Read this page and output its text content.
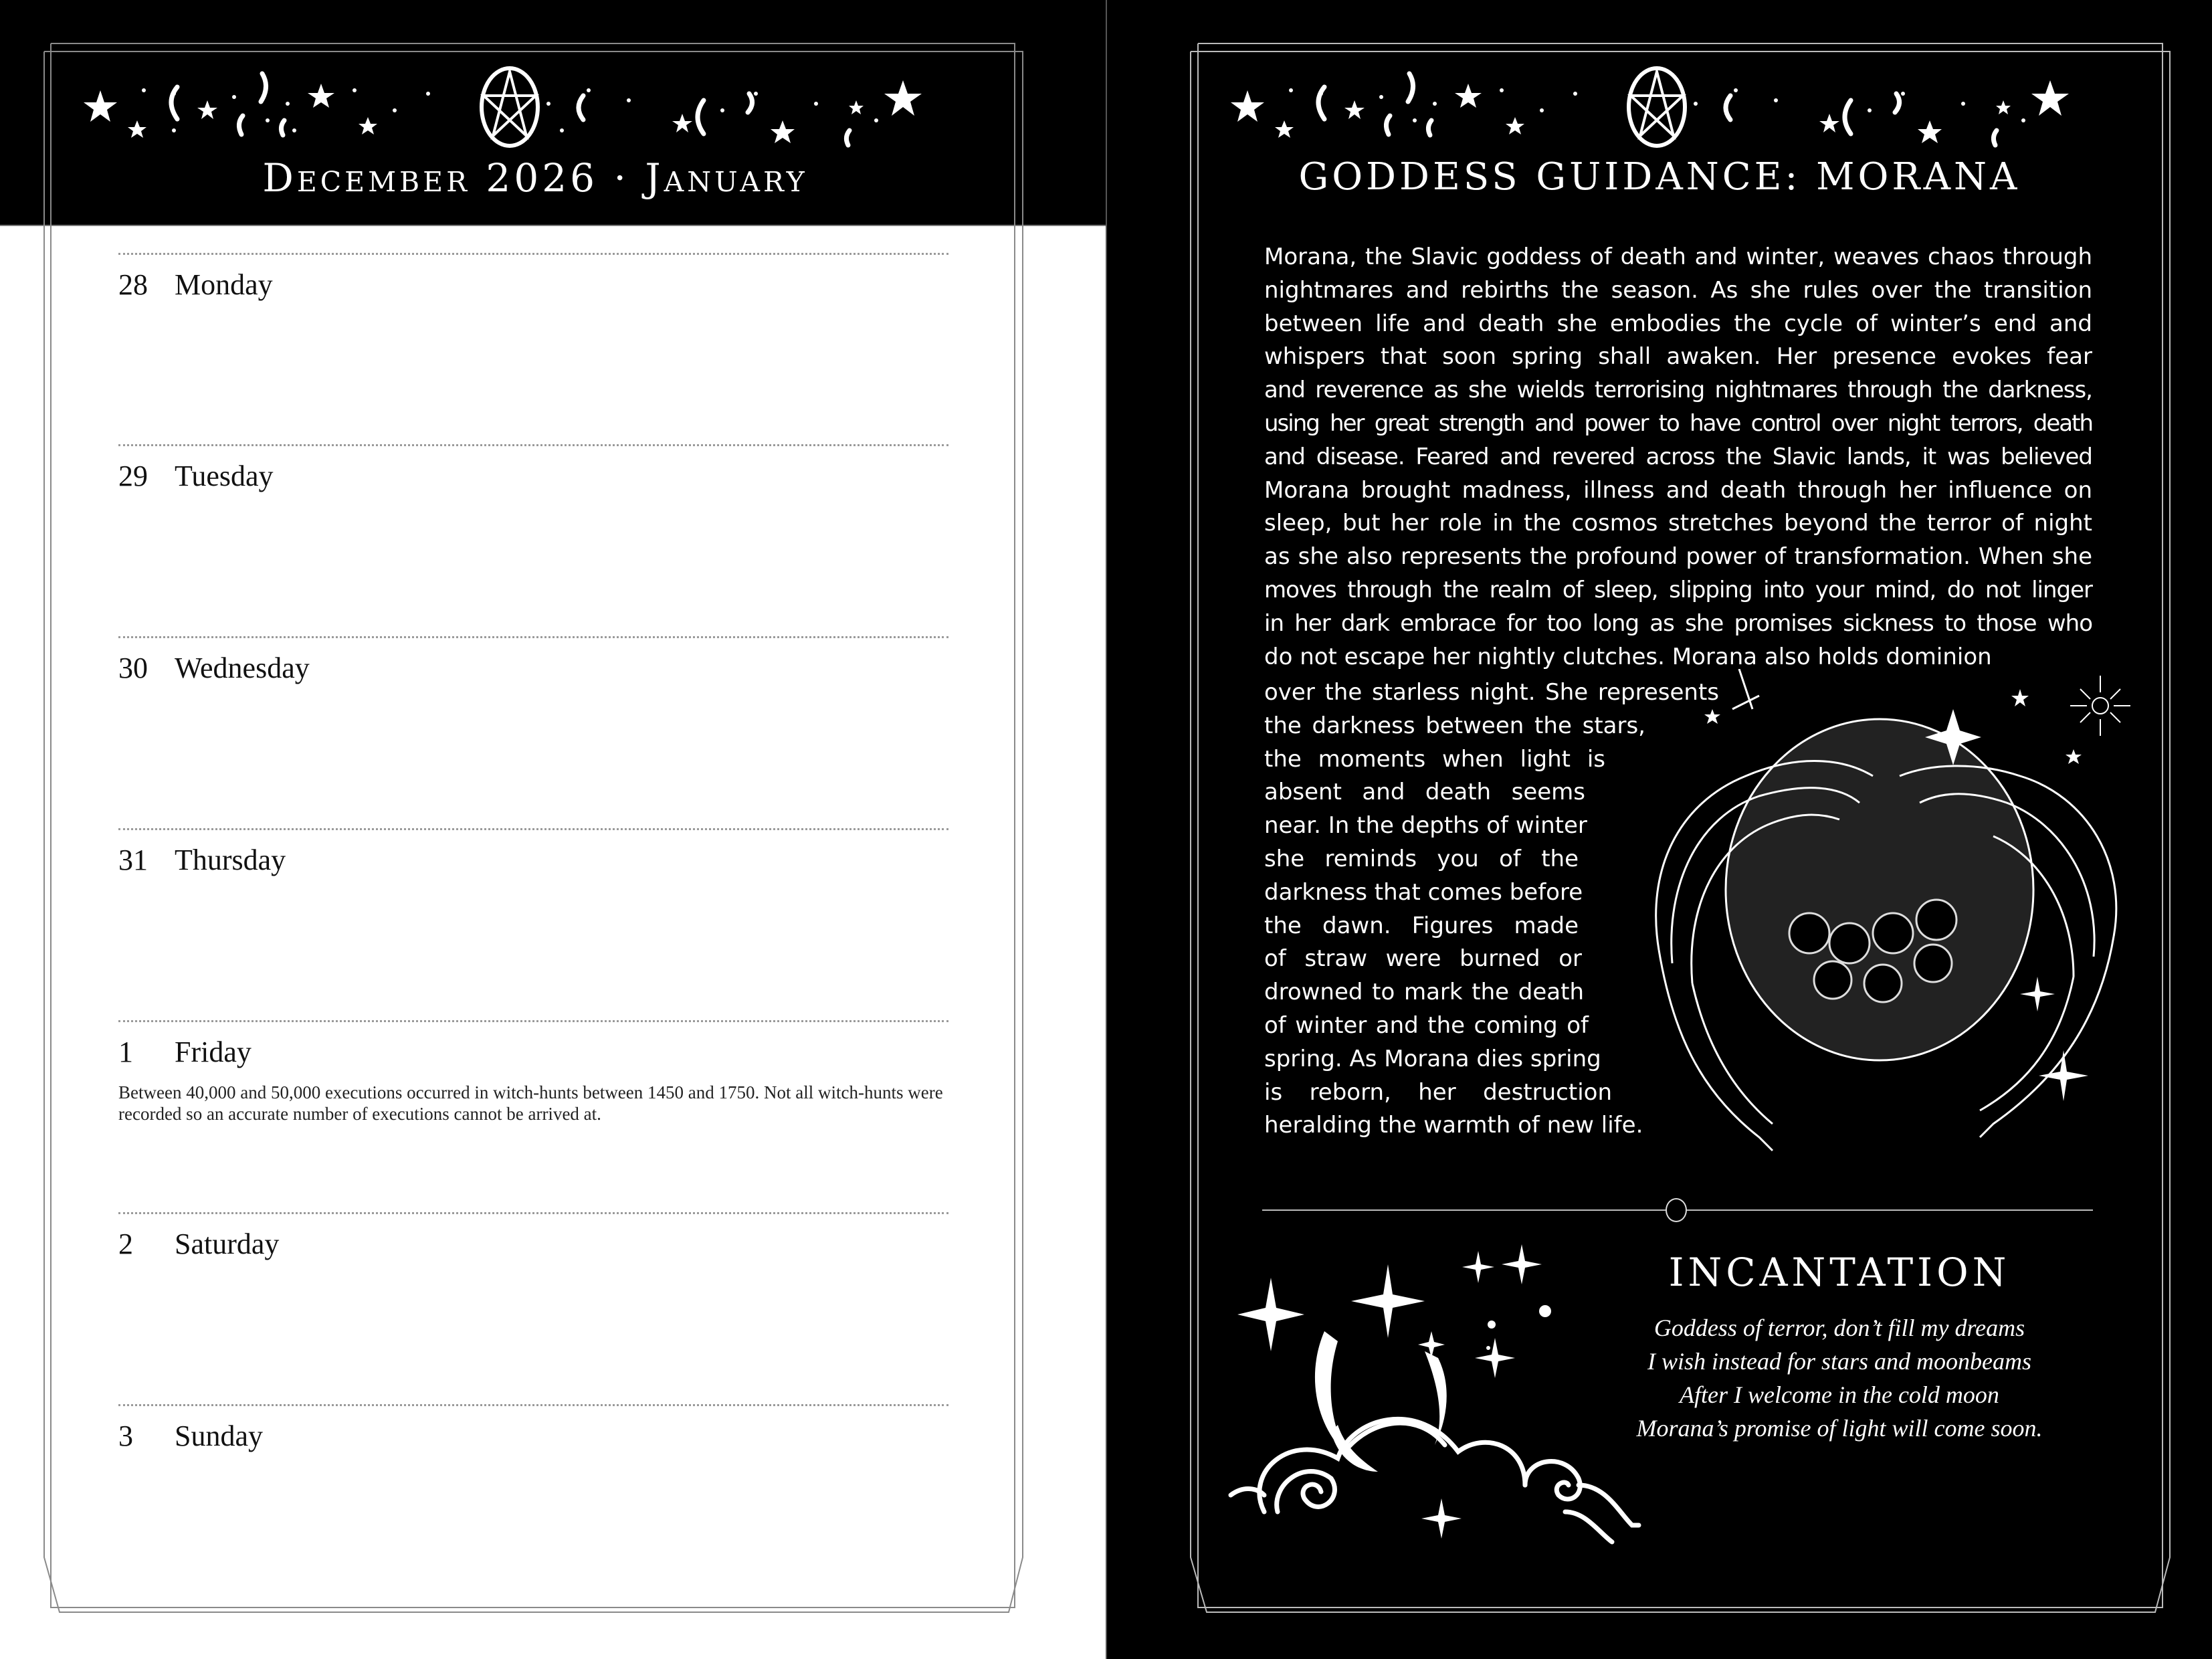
December 2026 · January
28 Monday
29 Tuesday
30 Wednesday
31 Thursday
1 Friday
Between 40,000 and 50,000 executions occurred in witch-hunts between 1450 and 1750. Not all witch-hunts were recorded so an accurate number of executions cannot be arrived at.
2 Saturday
3 Sunday
GODDESS GUIDANCE: MORANA
Morana, the Slavic goddess of death and winter, weaves chaos through
nightmares and rebirths the season. As she rules over the transition
between life and death she embodies the cycle of winter’s end and
whispers that soon spring shall awaken. Her presence evokes fear
and reverence as she wields terrorising nightmares through the darkness,
using her great strength and power to have control over night terrors, death
and disease. Feared and revered across the Slavic lands, it was believed
Morana brought madness, illness and death through her influence on
sleep, but her role in the cosmos stretches beyond the terror of night
as she also represents the profound power of transformation. When she
moves through the realm of sleep, slipping into your mind, do not linger
in her dark embrace for too long as she promises sickness to those who
do not escape her nightly clutches. Morana also holds dominion
over the starless night. She represents
the darkness between the stars,
the moments when light is
absent and death seems
near. In the depths of winter
she reminds you of the
darkness that comes before
the dawn. Figures made
of straw were burned or
drowned to mark the death
of winter and the coming of
spring. As Morana dies spring
is reborn, her destruction
heralding the warmth of new life.
INCANTATION
Goddess of terror, don’t fill my dreams
I wish instead for stars and moonbeams
After I welcome in the cold moon
Morana’s promise of light will come soon.
